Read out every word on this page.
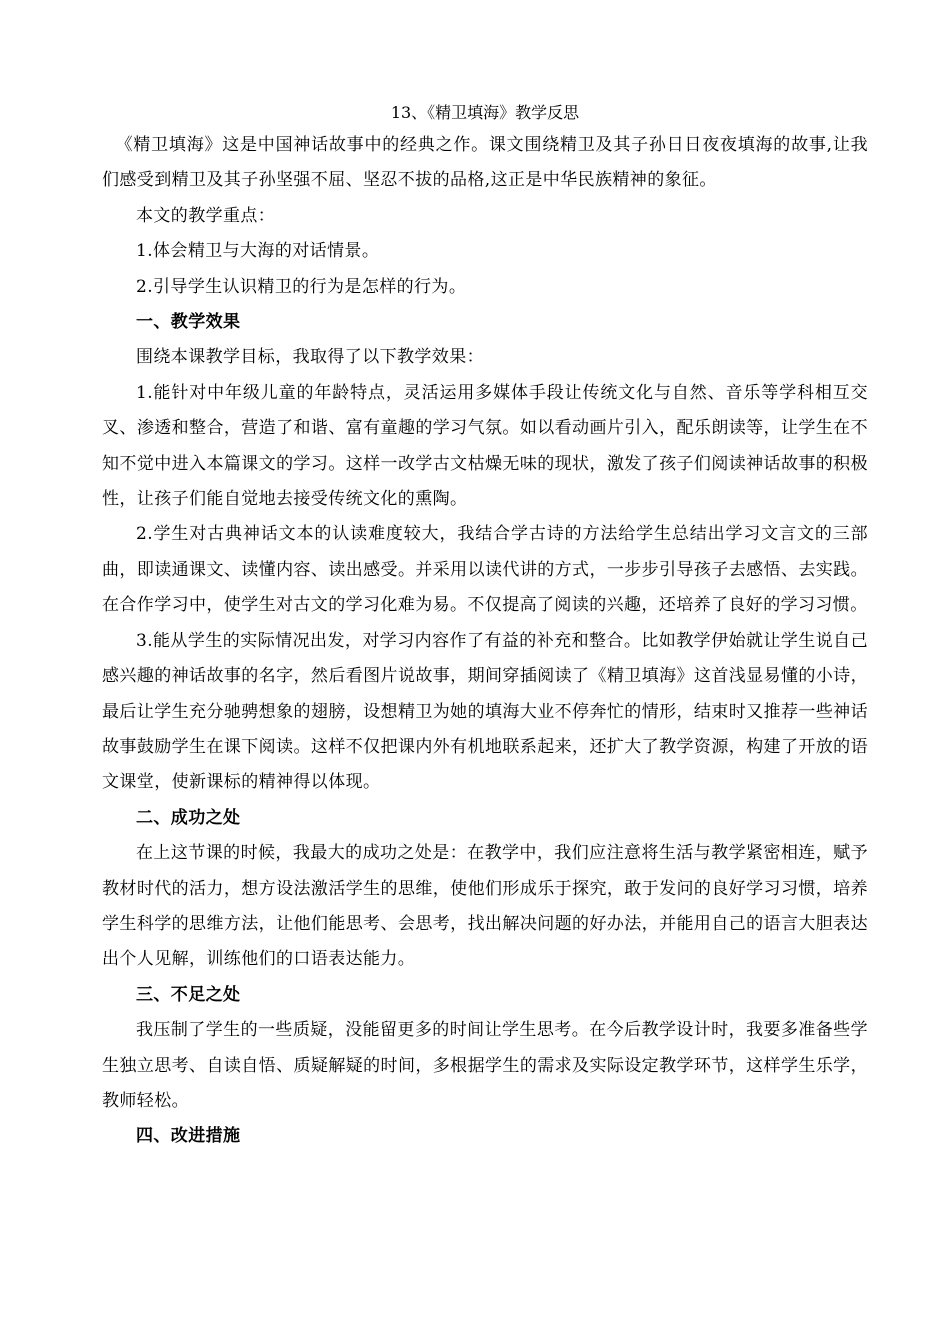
13、《精卫填海》教学反思

《精卫填海》这是中国神话故事中的经典之作。课文围绕精卫及其子孙日日夜夜填海的故事,让我们感受到精卫及其子孙坚强不屈、坚忍不拔的品格,这正是中华民族精神的象征。

本文的教学重点：

1.体会精卫与大海的对话情景。

2.引导学生认识精卫的行为是怎样的行为。

一、教学效果

围绕本课教学目标，我取得了以下教学效果：

1.能针对中年级儿童的年龄特点，灵活运用多媒体手段让传统文化与自然、音乐等学科相互交叉、渗透和整合，营造了和谐、富有童趣的学习气氛。如以看动画片引入，配乐朗读等，让学生在不知不觉中进入本篇课文的学习。这样一改学古文枯燥无味的现状，激发了孩子们阅读神话故事的积极性，让孩子们能自觉地去接受传统文化的熏陶。

2.学生对古典神话文本的认读难度较大，我结合学古诗的方法给学生总结出学习文言文的三部曲，即读通课文、读懂内容、读出感受。并采用以读代讲的方式，一步步引导孩子去感悟、去实践。在合作学习中，使学生对古文的学习化难为易。不仅提高了阅读的兴趣，还培养了良好的学习习惯。

3.能从学生的实际情况出发，对学习内容作了有益的补充和整合。比如教学伊始就让学生说自己感兴趣的神话故事的名字，然后看图片说故事，期间穿插阅读了《精卫填海》这首浅显易懂的小诗，最后让学生充分驰骋想象的翅膀，设想精卫为她的填海大业不停奔忙的情形，结束时又推荐一些神话故事鼓励学生在课下阅读。这样不仅把课内外有机地联系起来，还扩大了教学资源，构建了开放的语文课堂，使新课标的精神得以体现。

二、成功之处

在上这节课的时候，我最大的成功之处是：在教学中，我们应注意将生活与教学紧密相连，赋予教材时代的活力，想方设法激活学生的思维，使他们形成乐于探究，敢于发问的良好学习习惯，培养学生科学的思维方法，让他们能思考、会思考，找出解决问题的好办法，并能用自己的语言大胆表达出个人见解，训练他们的口语表达能力。

三、不足之处

我压制了学生的一些质疑，没能留更多的时间让学生思考。在今后教学设计时，我要多准备些学生独立思考、自读自悟、质疑解疑的时间，多根据学生的需求及实际设定教学环节，这样学生乐学，教师轻松。

四、改进措施
